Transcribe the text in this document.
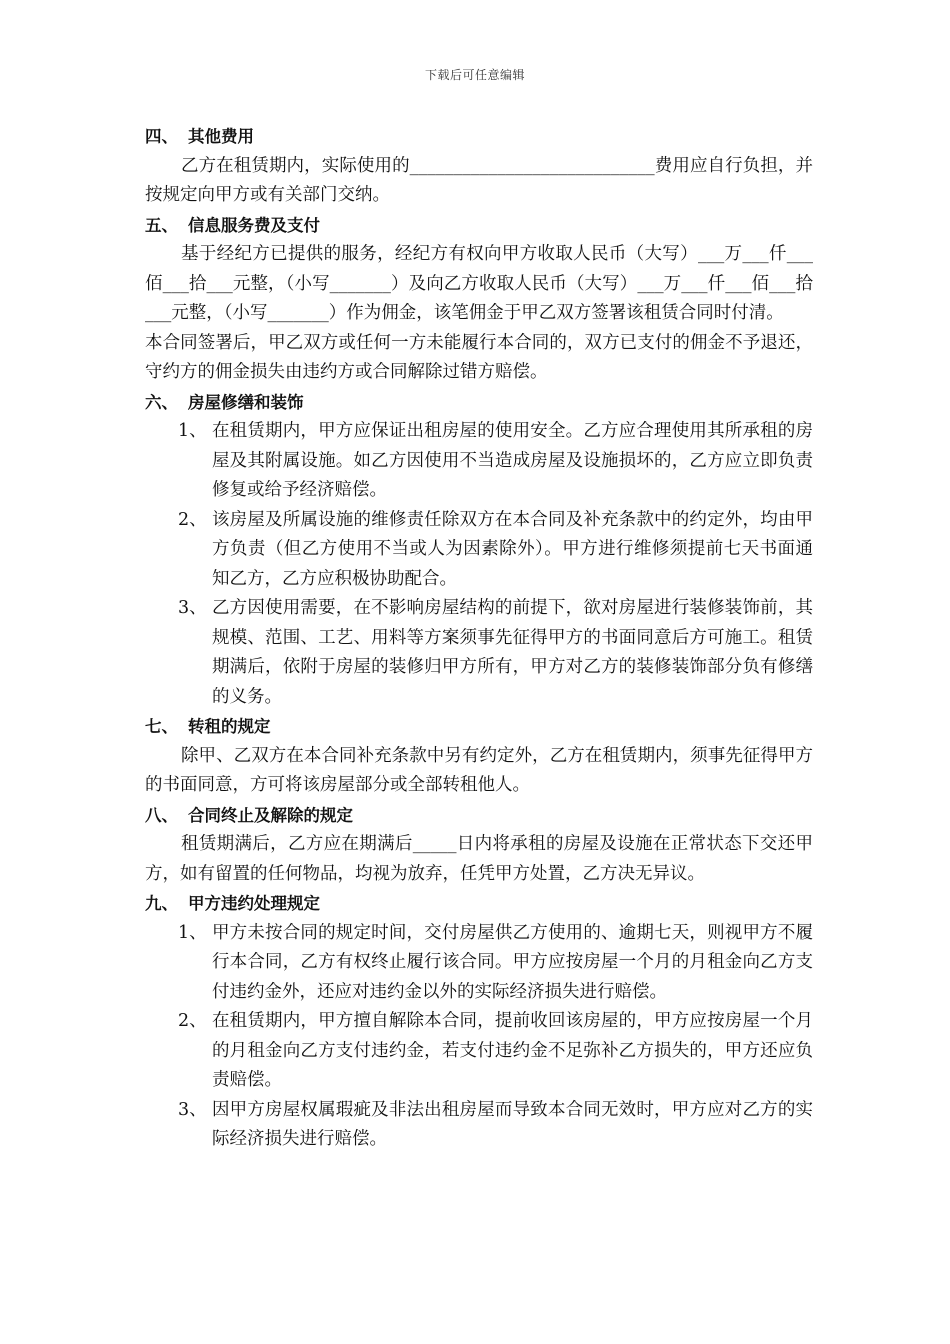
下载后可任意编辑

四、 其他费用

乙方在租赁期内，实际使用的____________________________费用应自行负担，并按规定向甲方或有关部门交纳。

五、 信息服务费及支付

基于经纪方已提供的服务，经纪方有权向甲方收取人民币（大写）___万___仟___佰___拾___元整，（小写_______）及向乙方收取人民币（大写）___万___仟___佰___拾___元整，（小写_______）作为佣金，该笔佣金于甲乙双方签署该租赁合同时付清。

本合同签署后，甲乙双方或任何一方未能履行本合同的，双方已支付的佣金不予退还，守约方的佣金损失由违约方或合同解除过错方赔偿。

六、 房屋修缮和装饰

1、 在租赁期内，甲方应保证出租房屋的使用安全。乙方应合理使用其所承租的房屋及其附属设施。如乙方因使用不当造成房屋及设施损坏的，乙方应立即负责修复或给予经济赔偿。
2、 该房屋及所属设施的维修责任除双方在本合同及补充条款中的约定外，均由甲方负责（但乙方使用不当或人为因素除外）。甲方进行维修须提前七天书面通知乙方，乙方应积极协助配合。
3、 乙方因使用需要，在不影响房屋结构的前提下，欲对房屋进行装修装饰前，其规模、范围、工艺、用料等方案须事先征得甲方的书面同意后方可施工。租赁期满后，依附于房屋的装修归甲方所有，甲方对乙方的装修装饰部分负有修缮的义务。

七、 转租的规定

除甲、乙双方在本合同补充条款中另有约定外，乙方在租赁期内，须事先征得甲方的书面同意，方可将该房屋部分或全部转租他人。

八、 合同终止及解除的规定

租赁期满后，乙方应在期满后_____日内将承租的房屋及设施在正常状态下交还甲方，如有留置的任何物品，均视为放弃，任凭甲方处置，乙方决无异议。

九、 甲方违约处理规定

1、 甲方未按合同的规定时间，交付房屋供乙方使用的、逾期七天，则视甲方不履行本合同，乙方有权终止履行该合同。甲方应按房屋一个月的月租金向乙方支付违约金外，还应对违约金以外的实际经济损失进行赔偿。
2、 在租赁期内，甲方擅自解除本合同，提前收回该房屋的，甲方应按房屋一个月的月租金向乙方支付违约金，若支付违约金不足弥补乙方损失的，甲方还应负责赔偿。
3、 因甲方房屋权属瑕疵及非法出租房屋而导致本合同无效时，甲方应对乙方的实际经济损失进行赔偿。
